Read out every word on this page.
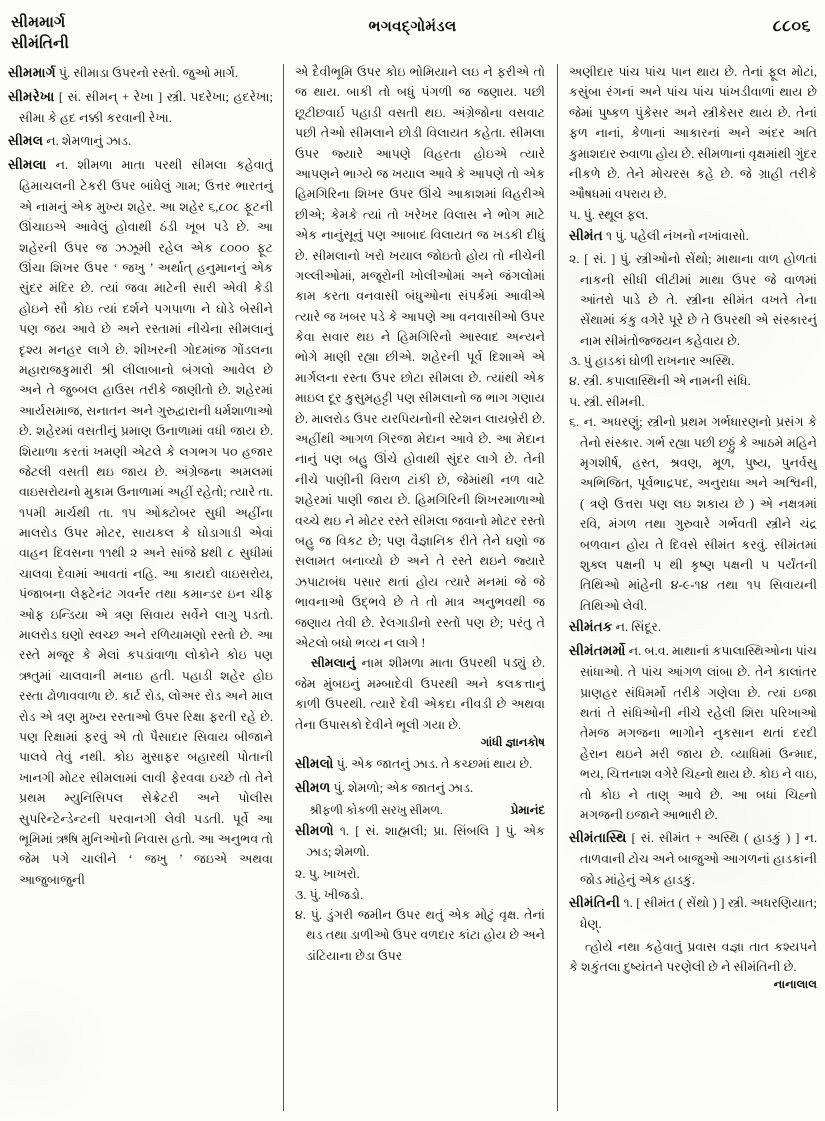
સીમમાર્ગ
સીમંતિની
ભગવદ્ગોમંડલ	૮૮૦૬

સીમમાર્ગ પું. સીમાડા ઉપરનો રસ્તો. જુઓ માર્ગ.

સીમરેખા [ સં. સીમન્ + રેખા ] સ્ત્રી. પદરેખા; હદરેખા; સીમા કે હદ નક્કી કરવાની રેખા.

સીમલ ન. શેમળાનું ઝાડ.

સીમલા ન. શીમળા માતા પરથી સીમલા કહેવાતું હિમાચલની ટેકરી ઉપર બાંધેલું ગામ; ઉત્તર ભારતનું એ નામનું એક મુખ્ય શહેર. આ શહેર ૬,૮૦૮ ફૂટની ઊંચાઇએ આવેલું હોવાથી ઠંડી ખૂબ પડે છે. આ શહેરની ઉપર જ ઝઝૂમી રહેલ એક ૮૦૦૦ ફૂટ ઊંચા શિખર ઉપર ‘ જખુ ’ અર્થાત્ હનુમાનનું એક સુંદર મંદિર છે. ત્યાં જવા માટેની સારી એવી કેડી હોઇને સૌ કોઇ ત્યાં દર્શને પગપાળા ને ઘોડે બેસીને પણ જય આવે છે અને રસ્તામાં નીચેના સીમલાનું દૃશ્ય મનહર લાગે છે. શીખરની ગોદમાંજ ગોંડલના મહારાજકુમારી શ્રી લીલાબાનો બંગલો આવેલ છે અને તે જુબ્બલ હાઉસ તરીકે જાણીતો છે. શહેરમાં આર્યસમાજ, સનાતન અને ગુરુદ્વારાની ધર્મશાળાઓ છે. શહેરમાં વસતીનું પ્રમાણ ઉનાળામાં વધી જાય છે. શિયાળા કરતાં ખમણી એટલે કે લગભગ ૫૦ હજાર જેટલી વસતી થઇ જાય છે. અંગ્રેજના અમલમાં વાઇસરોયનો મુકામ ઉનાળામાં અહીં રહેતો; ત્યારે તા. ૧૫મી માર્ચથી તા. ૧૫ ઓક્ટોબર સુધી અહીંના માલરોડ ઉપર મોટર, સાયકલ કે ઘોડાગાડી એવાં વાહન દિવસના ૧૧થી ૨ અને સાંજે ૪થી ૮ સુધીમાં ચાલવા દેવામાં આવતાં નહિ. આ કાયદો વાઇસરોય, પંજાબના લેફ્ટેનંટ ગવર્નર તથા કમાન્ડર ઇન ચીફ ઓફ ઇન્ડિયા એ ત્રણ સિવાય સર્વેને લાગુ પડતો. માલરોડ ઘણો સ્વચ્છ અને રળિયામણો રસ્તો છે. આ રસ્તે મજૂર કે મેલાં કપડાંવાળા લોકોને કોઇ પણ ઋતુમાં ચાલવાની મનાઇ હતી. પહાડી શહેર હોઇ રસ્તા ઢોળાવવાળા છે. કાર્ટ રોડ, લોઅર રોડ અને માલ રોડ એ ત્રણ મુખ્ય રસ્તાઓ ઉપર રિક્ષા ફરતી રહે છે. પણ રિક્ષામાં ફરવું એ તો પૈસાદાર સિવાય બીજાને પાલવે તેવું નથી. કોઇ મુસાફર બહારથી પોતાની ખાનગી મોટર સીમલામાં લાવી ફેરવવા ઇચ્છે તો તેને પ્રથમ મ્યુનિસિપલ સેક્રેટરી અને પોલીસ સુપરિન્ટેન્ડેન્ટની પરવાનગી લેવી પડતી. પૂર્વે આ ભૂમિમાં ઋષિ મુનિઓનો નિવાસ હતો. આ અનુભવ તો જેમ પગે ચાલીને ‘ જખુ ’ જઇએ અથવા આજુબાજુની

એ દૈવીભૂમિ ઉપર કોઇ ભોમિયાને લઇ ને ફરીએ તો જ થાય. બાકી તો બધું પંગળી જ જણાય. પછી છૂટીછવાર્ઇ પહાડી વસતી થઇ. અંગ્રેજોના વસવાટ પછી તેઓ સીમલાને છોડી વિલાયત કહેતા. સીમલા ઉપર જ્યારે આપણે વિહરતા હોઇએ ત્યારે આપણને ભાગ્યે જ ખયાલ આવે કે આપણે તો એક હિમગિરિના શિખર ઉપર ઊંચે આકાશમાં વિહરીએ છીએ; કેમકે ત્યાં તો ખરેખર વિલાસ ને ભોગ માટે એક નાનુંસૂનું પણ આબાદ વિલાયત જ ખડકી દીધું છે. સીમલાનો ખરો ખયાલ જોઇતો હોય તો નીચેની ગલ્લીઓમાં, મજૂરોની ખોલીઓમાં અને જંગલોમાં કામ કરતા વનવાસી બંધુઓના સંપર્કમાં આવીએ ત્યારે જ ખબર પડે કે આપણે આ વનવાસીઓ ઉપર કેવા સવાર થઇ ને હિમગિરિનો આસ્વાદ અન્યને ભોગે માણી રહ્યા છીએ. શહેરની પૂર્વ દિશાએ એ માર્ગલના રસ્તા ઉપર છોટા સીમલા છે. ત્યાંથી એક માઇલ દૂર કુસુમહટ્ટી પણ સીમલાનો જ ભાગ ગણાય છે. માલરોડ ઉપર યરપિયનોની સ્ટેશન લાયબ્રેરી છે. અહીંથી આગળ ગિરજા મેદાન આવે છે. આ મેદાન નાનું પણ બહુ ઊંચે હોવાથી સુંદર લાગે છે. તેની નીચે પાણીની વિરાળ ટાંકી છે, જેમાંથી નળ વાટે શહેરમાં પાણી જાય છે. હિમગિરિની શિખરમાળાઓ વચ્ચે થઇ ને મોટર રસ્તે સીમલા જવાનો મોટર રસ્તો બહુ જ વિકટ છે; પણ વૈજ્ઞાનિક રીતે તેને ઘણો જ સલામત બનાવ્યો છે અને તે રસ્તે થઇને જ્યારે ઝપાટાબંધ પસાર થતાં હોય ત્યારે મનમાં જે જે ભાવનાઓ ઉદ્ભવે છે તે તો માત્ર અનુભવથી જ જણાય તેવી છે. રેલગાડીનો રસ્તો પણ છે; પરંતુ તે એટલો બધો ભવ્ય ન લાગે !

સીમલાનું નામ શીમળા માતા ઉપરથી પડ્યું છે. જેમ મુંબઇનું મમ્બાદેવી ઉપરથી અને કલકત્તાનું કાળી ઉપરથી. ત્યારે દેવી એકદા નીવડી છે અથવા તેના ઉપાસકો દેવીને ભૂલી ગયા છે.

ગાંધી જ્ઞાનકોષ

સીમલો પું. એક જાતનું ઝાડ. તે કચ્છમાં થાય છે.

સીમળ પું. શેમળો; એક જાતનું ઝાડ.

શ્રીફળી કોકળી સરખુ સીમળ.	પ્રેમાનંદ

સીમળો ૧. [ સં. શાહ્મલી; પ્રા. સિંબલિ ] પું. એક ઝાડ; શેમળો.

૨. પુ. ખાખરો.

૩. પું. ખીજડો.

૪. પું. ડુંગરી જમીન ઉપર થતું એક મોટું વૃક્ષ. તેનાં થડ તથા ડાળીઓ ઉપર વળદાર કાંટા હોય છે અને ડાંટિયાના છેડા ઉપર

અણીદાર પાંચ પાંચ પાન થાય છે. તેનાં ફૂલ મોટાં, કસુંબા રંગનાં અને પાંચ પાંચ પાંખડીવાળાં થાય છે જેમાં પુષ્કળ પુંકેસર અને સ્ત્રીકેસર થાય છે. તેનાં ફળ નાનાં, કેળાનાં આકારનાં અને અંદર અતિ કુમાશદાર રુવાળા હોય છે. સીમળાનાં વૃક્ષમાંથી ગુંદર નીકળે છે. તેને મોચરસ કહે છે. જે ગ્રાહી તરીકે ઔષધમાં વપરાય છે.

૫. પું. સ્થૂલ ફલ.

સીમંત ૧ પું. પહેલી નંખનો નખાંવાસો.

૨. [ સં. ] પું. સ્ત્રીઓનો સેંથો; માથાના વાળ હોળતાં નાકની સીધી લીટીમાં માથા ઉપર જે વાળમાં આંતરો પાડે છે તે. સ્ત્રીના સીમંત વખતે તેના સેંથામાં કંકુ વગેરે પૂરે છે તે ઉપરથી એ સંસ્કારનું નામ સીમંતોજ્જયન કહેવાય છે.

૩. પું હાડકાં ઘોળી રાખનાર અસ્થિ.

૪. સ્ત્રી. કપાલાસ્થિની એ નામની સંધિ.

૫. સ્ત્રી. સીમની.

૬. ન. અધરણું; સ્ત્રીનો પ્રથમ ગર્ભધારણનો પ્રસંગ કે તેનો સંસ્કાર. ગર્ભ રહ્યા પછી છઠ્ઠું કે આઠમે મહિને મૃગશીર્ષ, હસ્ત, શ્રવણ, મૂળ, પુષ્ય, પુનર્વસુ અભિજિત, પૂર્વભાદ્રપદ, અનુરાધા અને અશ્વિની, ( ત્રણે ઉત્તરા પણ લઇ શકાય છે ) એ નક્ષત્રમાં રવિ, મંગળ તથા ગુરુવારે ગર્ભવતી સ્ત્રીને ચંદ્ર બળવાન હોય તે દિવસે સીમંત કરવું. સીમંતમાં શુક્લ પક્ષની ૫ થી કૃષ્ણ પક્ષની ૫ પર્યંતની તિથિઓ માંહેની ૪-૯-૧૪ તથા ૧૫ સિવાયની તિથિઓ લેવી.

સીમંતક ન. સિંદૂર.

સીમંતમર્મો ન. બ.વ. માથાનાં કપાલાસ્થિઓના પાંચ સાંધાઓ. તે પાંચ આંગળ લાંબા છે. તેને કાલાંતર પ્રાણહર સંધિમર્મો તરીકે ગણેલા છે. ત્યાં ઇજા થતાં તે સંધિઓની નીચે રહેલી શિરા પરિખાઓ તેમજ મગજના ભાગોને નુકસાન થતાં દરદી હેરાન થઇને મરી જાય છે. વ્યાધિમાં ઉન્માદ, ભય, ચિત્તનાશ વગેરે ચિહ્નો થાય છે. કોઇ ને વાઇ, તો કોઇ ને તાણ્ આવે છે. આ બધાં ચિહ્નો મગજની ઇજાને આભારી છે.

સીમંતાસ્થિ [ સં. સીમંત + અસ્થિ ( હાડકું ) ] ન. તાળવાની ટોચ અને બાજુઓ આગળનાં હાડકાંની જોડ માંહેનું એક હાડકું.

સીમંતિની ૧. [ સીમંત ( સેંથો ) ] સ્ત્રી. અધરણિયાત; ધેણ્.

ત્હોયે નથા કહેવાતું પ્રવાસ વજ્ઞા તાત કશ્યપને કે શકુંતલા દુષ્યંતને પરણેલી છે ને સીમંતિની છે.

નાનાલાલ
